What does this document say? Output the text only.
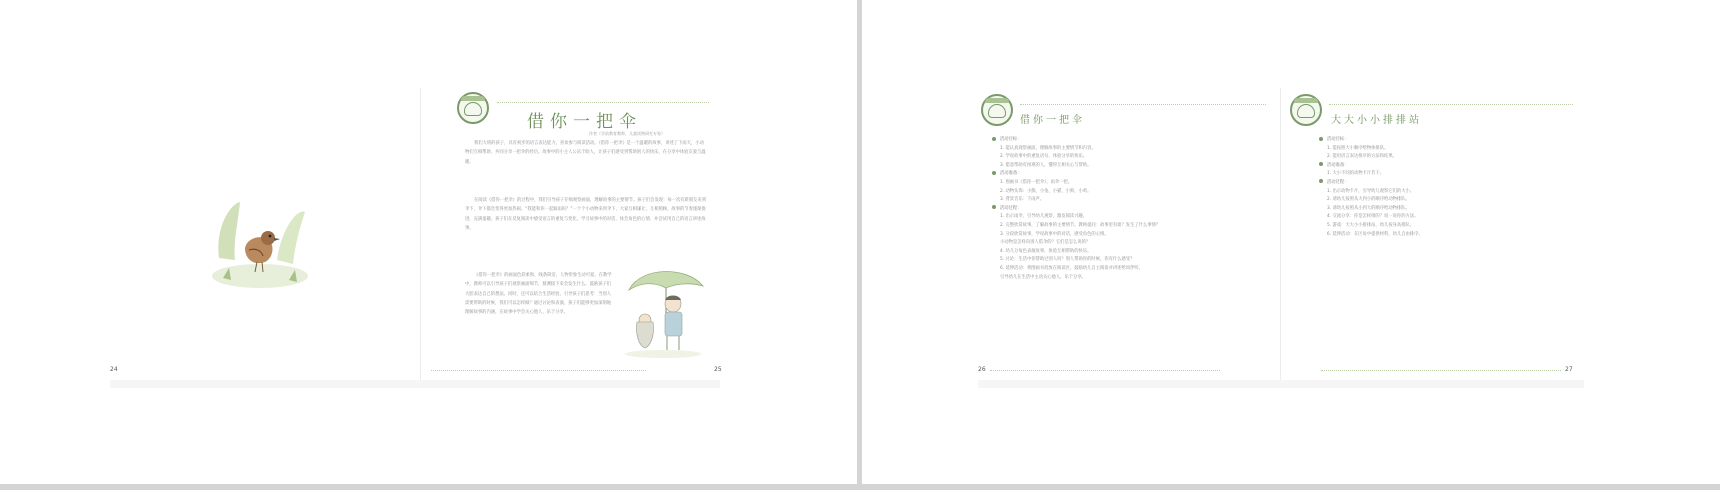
24
借你一把伞
作者（学前教育教师，儿童读物研究专家）

我们大班的孩子，具有初步的语言表达能力，喜欢参与阅读活动。《借你一把伞》是一个温暖的故事，讲述了下雨天，小动物们互相帮助、共同分享一把伞的经历。故事中的小主人公乐于助人，让孩子们感受到帮助别人的快乐，在分享中体验友爱与温暖。

在阅读《借你一把伞》的过程中，我们引导孩子仔细观察画面，理解故事的主要情节。孩子们会发现：每一次有新朋友来到伞下，伞下都会变得更加热闹。“我能和你一起躲雨吗？”一个个小动物来到伞下，大家互相谦让，互相照顾，故事的节奏逐渐推进，充满童趣。孩子们在反复阅读中感受语言的重复与变化，学习故事中的对话，体会角色的心情，并尝试用自己的语言讲述故事。

《借你一把伞》的画面色彩柔和，线条简洁，人物形象生动可爱。在教学中，教师可以引导孩子们观察画面细节，猜测接下来会发生什么，鼓励孩子们大胆表达自己的想法。同时，还可以结合生活经验，引导孩子们思考：当别人需要帮助的时候，我们可以怎样做？通过讨论和表演，孩子们能够更加深刻地理解故事的内涵，在故事中学会关心他人、乐于分享。

25
借你一把伞
活动目标：
1. 能认真观察画面，理解故事的主要情节和内容。
2. 学说故事中的重复语句，体验分享的快乐。
3. 愿意帮助有困难的人，懂得互相关心与帮助。
活动准备：
1. 图画书《借你一把伞》、雨伞一把。
2. 动物头饰：小熊、小兔、小猫、小狗、小鸡。
3. 背景音乐：下雨声。
活动过程：
1. 出示雨伞，引导幼儿观察，激发阅读兴趣。
2. 完整欣赏故事，了解故事的主要情节。教师提问：故事里有谁？发生了什么事情？
3. 分段欣赏故事，学说故事中的对话，感受角色的心情。
小动物是怎样向别人借伞的？它们是怎么说的？
4. 幼儿分角色表演故事，体验互相帮助的快乐。
5. 讨论：生活中你帮助过别人吗？别人帮助你的时候，你有什么感受？
6. 延伸活动：将图画书投放在阅读区，鼓励幼儿自主阅读并讲述给同伴听。
引导幼儿在生活中主动关心他人，乐于分享。
26
大大小小排排站
活动目标：
1. 能按照大小顺序给物体排队。
2. 能用语言表达排序的方法和结果。
活动准备：
1. 大小不同的动物卡片若干。
活动过程：
1. 出示动物卡片，引导幼儿观察它们的大小。
2. 请幼儿按照从大到小的顺序给动物排队。
3. 请幼儿按照从小到大的顺序给动物排队。
4. 交流分享：你是怎样排的？说一说你的方法。
5. 游戏：大大小小排排站，幼儿按身高排队。
6. 延伸活动：在区角中提供材料，幼儿自由排序。
27
